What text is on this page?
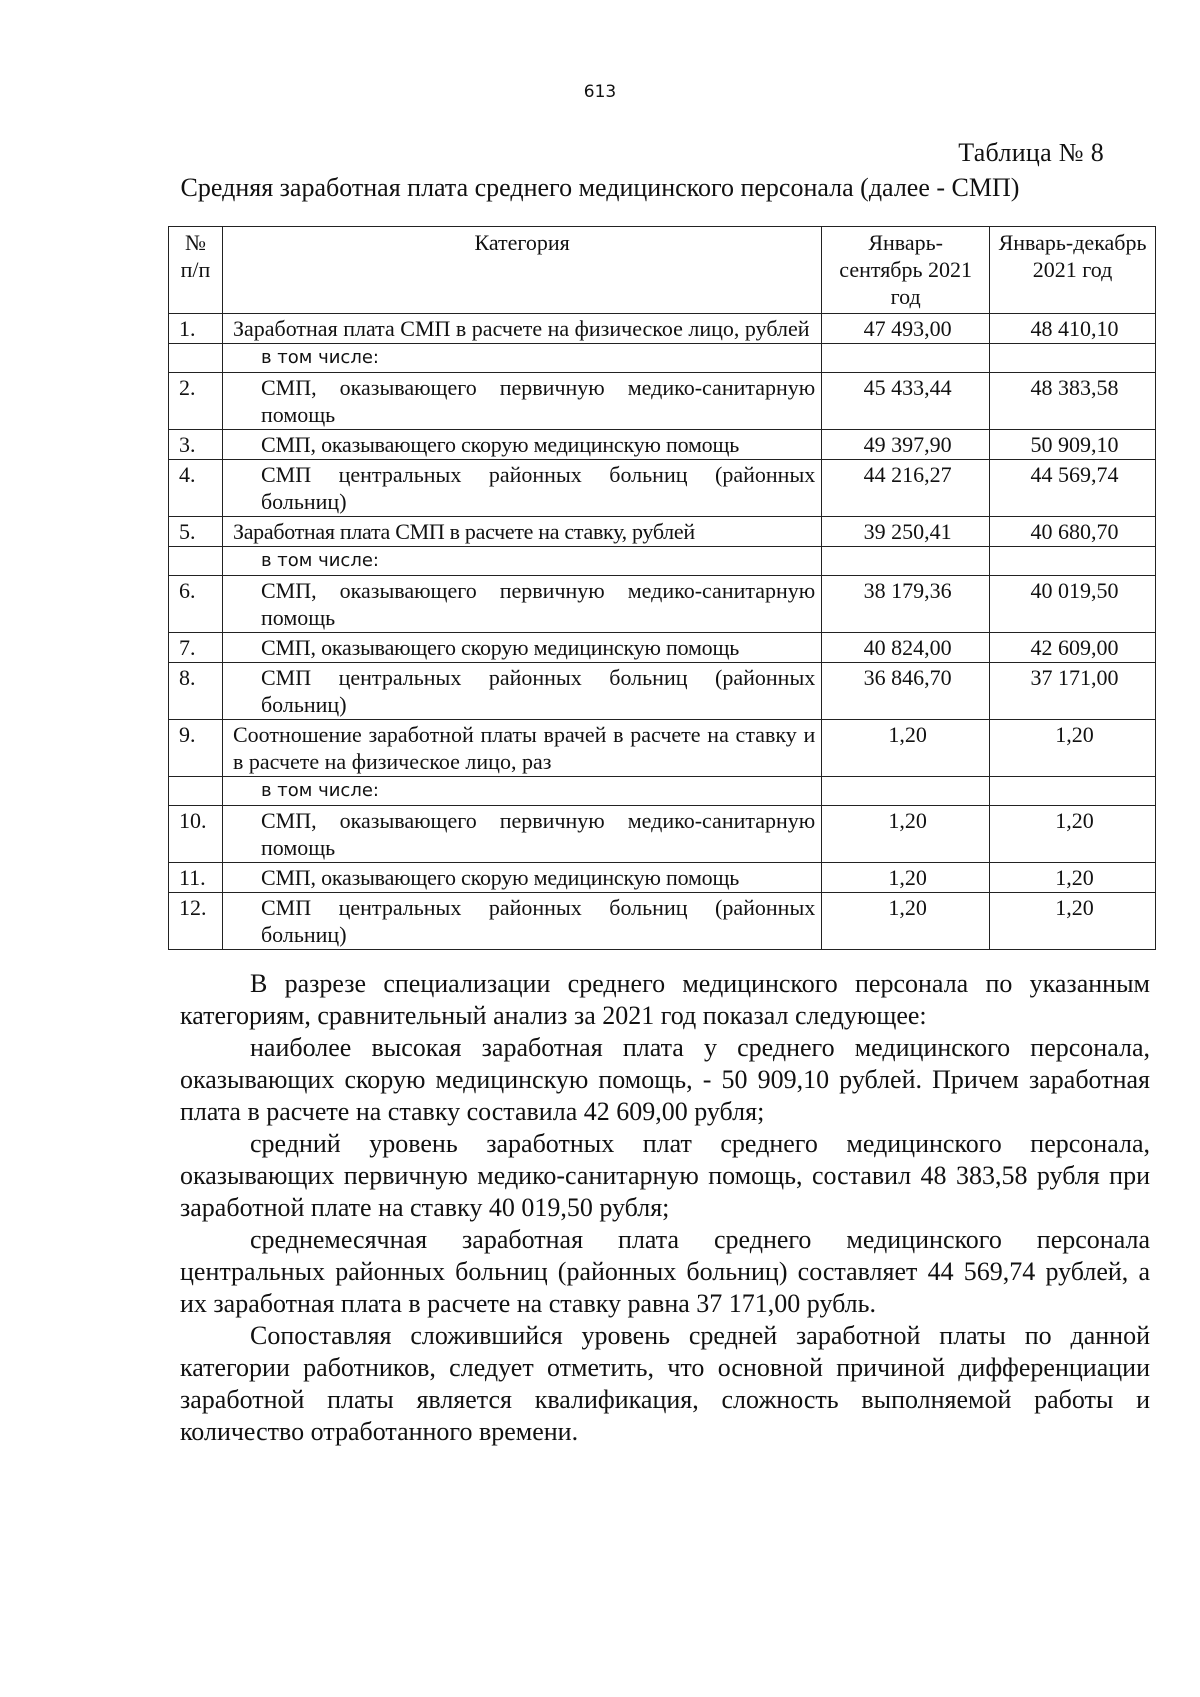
613
Таблица № 8
Средняя заработная плата среднего медицинского персонала (далее - СМП)
№ п/п	Категория	Январь-сентябрь 2021 год	Январь-декабрь 2021 год
1.	Заработная плата СМП в расчете на физическое лицо, рублей	47 493,00	48 410,10
	в том числе:		
2.	СМП, оказывающего первичную медико-санитарную помощь	45 433,44	48 383,58
3.	СМП, оказывающего скорую медицинскую помощь	49 397,90	50 909,10
4.	СМП центральных районных больниц (районных больниц)	44 216,27	44 569,74
5.	Заработная плата СМП в расчете на ставку, рублей	39 250,41	40 680,70
	в том числе:		
6.	СМП, оказывающего первичную медико-санитарную помощь	38 179,36	40 019,50
7.	СМП, оказывающего скорую медицинскую помощь	40 824,00	42 609,00
8.	СМП центральных районных больниц (районных больниц)	36 846,70	37 171,00
9.	Соотношение заработной платы врачей в расчете на ставку и в расчете на физическое лицо, раз	1,20	1,20
	в том числе:		
10.	СМП, оказывающего первичную медико-санитарную помощь	1,20	1,20
11.	СМП, оказывающего скорую медицинскую помощь	1,20	1,20
12.	СМП центральных районных больниц (районных больниц)	1,20	1,20

В разрезе специализации среднего медицинского персонала по указанным категориям, сравнительный анализ за 2021 год показал следующее:

наиболее высокая заработная плата у среднего медицинского персонала, оказывающих скорую медицинскую помощь, - 50 909,10 рублей. Причем заработная плата в расчете на ставку составила 42 609,00 рубля;

средний уровень заработных плат среднего медицинского персонала, оказывающих первичную медико-санитарную помощь, составил 48 383,58 рубля при заработной плате на ставку 40 019,50 рубля;

среднемесячная заработная плата среднего медицинского персонала центральных районных больниц (районных больниц) составляет 44 569,74 рублей, а их заработная плата в расчете на ставку равна 37 171,00 рубль.

Сопоставляя сложившийся уровень средней заработной платы по данной категории работников, следует отметить, что основной причиной дифференциации заработной платы является квалификация, сложность выполняемой работы и количество отработанного времени.
